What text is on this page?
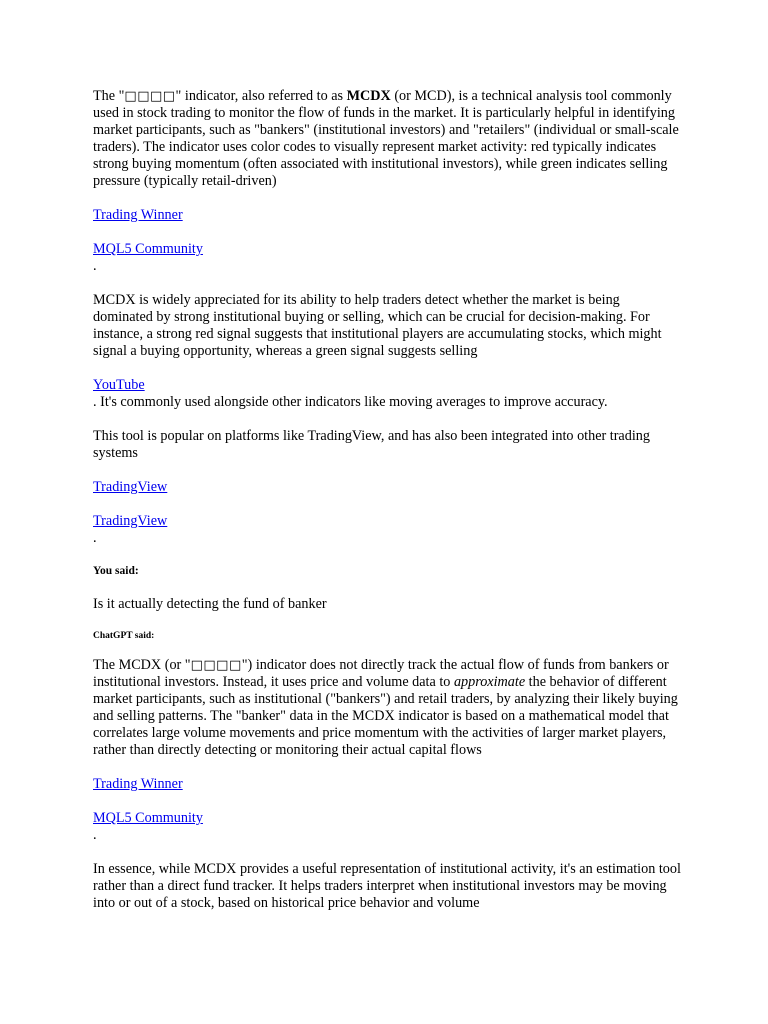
The "□□□□" indicator, also referred to as MCDX (or MCD), is a technical analysis tool commonly used in stock trading to monitor the flow of funds in the market. It is particularly helpful in identifying market participants, such as "bankers" (institutional investors) and "retailers" (individual or small-scale traders). The indicator uses color codes to visually represent market activity: red typically indicates strong buying momentum (often associated with institutional investors), while green indicates selling pressure (typically retail-driven)

Trading Winner
MQL5 Community

.

MCDX is widely appreciated for its ability to help traders detect whether the market is being dominated by strong institutional buying or selling, which can be crucial for decision-making. For instance, a strong red signal suggests that institutional players are accumulating stocks, which might signal a buying opportunity, whereas a green signal suggests selling

YouTube

. It's commonly used alongside other indicators like moving averages to improve accuracy.

This tool is popular on platforms like TradingView, and has also been integrated into other trading systems

TradingView
TradingView

.

You said:

Is it actually detecting the fund of banker

ChatGPT said:

The MCDX (or "□□□□") indicator does not directly track the actual flow of funds from bankers or institutional investors. Instead, it uses price and volume data to approximate the behavior of different market participants, such as institutional ("bankers") and retail traders, by analyzing their likely buying and selling patterns. The "banker" data in the MCDX indicator is based on a mathematical model that correlates large volume movements and price momentum with the activities of larger market players, rather than directly detecting or monitoring their actual capital flows

Trading Winner
MQL5 Community

.

In essence, while MCDX provides a useful representation of institutional activity, it's an estimation tool rather than a direct fund tracker. It helps traders interpret when institutional investors may be moving into or out of a stock, based on historical price behavior and volume
